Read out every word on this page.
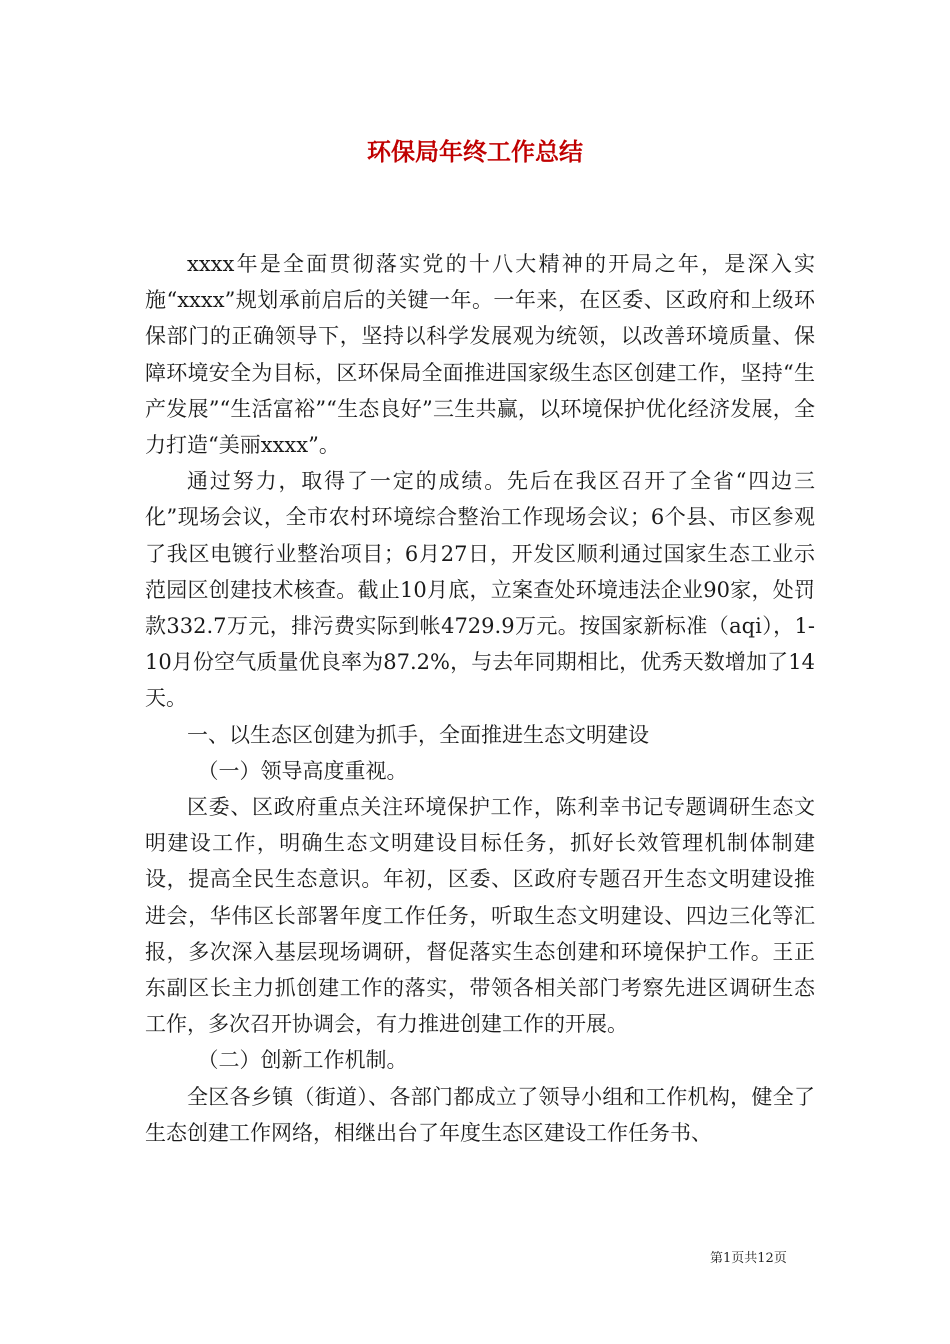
环保局年终工作总结

xxxx年是全面贯彻落实党的十八大精神的开局之年，是深入实施“xxxx”规划承前启后的关键一年。一年来，在区委、区政府和上级环保部门的正确领导下，坚持以科学发展观为统领，以改善环境质量、保障环境安全为目标，区环保局全面推进国家级生态区创建工作，坚持“生产发展”“生活富裕”“生态良好”三生共赢，以环境保护优化经济发展，全力打造“美丽xxxx”。

通过努力，取得了一定的成绩。先后在我区召开了全省“四边三化”现场会议，全市农村环境综合整治工作现场会议；6个县、市区参观了我区电镀行业整治项目；6月27日，开发区顺利通过国家生态工业示范园区创建技术核查。截止10月底，立案查处环境违法企业90家，处罚款332.7万元，排污费实际到帐4729.9万元。按国家新标准（aqi），1-10月份空气质量优良率为87.2%，与去年同期相比，优秀天数增加了14天。

一、以生态区创建为抓手，全面推进生态文明建设

（一）领导高度重视。

区委、区政府重点关注环境保护工作，陈利幸书记专题调研生态文明建设工作，明确生态文明建设目标任务，抓好长效管理机制体制建设，提高全民生态意识。年初，区委、区政府专题召开生态文明建设推进会，华伟区长部署年度工作任务，听取生态文明建设、四边三化等汇报，多次深入基层现场调研，督促落实生态创建和环境保护工作。王正东副区长主力抓创建工作的落实，带领各相关部门考察先进区调研生态工作，多次召开协调会，有力推进创建工作的开展。

（二）创新工作机制。

全区各乡镇（街道）、各部门都成立了领导小组和工作机构，健全了生态创建工作网络，相继出台了年度生态区建设工作任务书、

第1页共12页
